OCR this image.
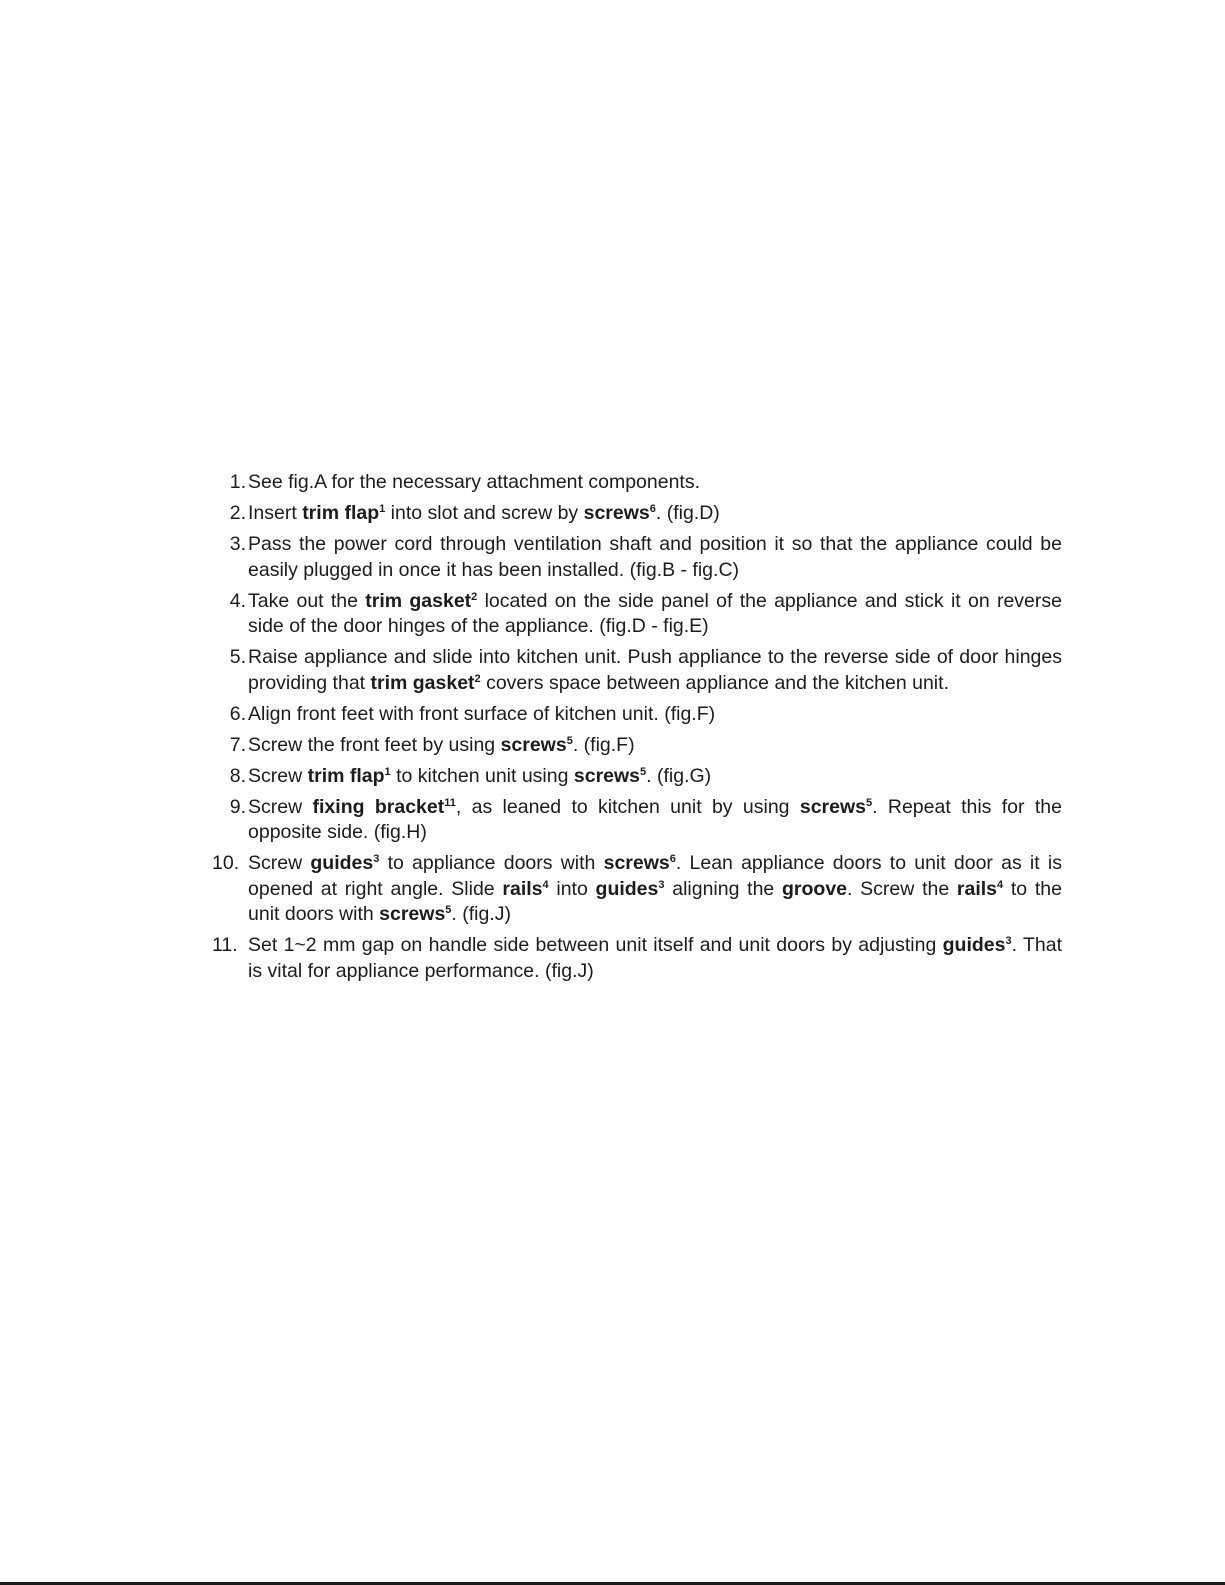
1. See fig.A for the necessary attachment components.
2. Insert trim flap$^1$ into slot and screw by screws$^6$. (fig.D)
3. Pass the power cord through ventilation shaft and position it so that the appliance could be easily plugged in once it has been installed. (fig.B - fig.C)
4. Take out the trim gasket$^2$ located on the side panel of the appliance and stick it on reverse side of the door hinges of the appliance. (fig.D - fig.E)
5. Raise appliance and slide into kitchen unit. Push appliance to the reverse side of door hinges providing that trim gasket$^2$ covers space between appliance and the kitchen unit.
6. Align front feet with front surface of kitchen unit. (fig.F)
7. Screw the front feet by using screws$^5$. (fig.F)
8. Screw trim flap$^1$ to kitchen unit using screws$^5$. (fig.G)
9. Screw fixing bracket$^{11}$, as leaned to kitchen unit by using screws$^5$. Repeat this for the opposite side. (fig.H)
10. Screw guides$^3$ to appliance doors with screws$^6$. Lean appliance doors to unit door as it is opened at right angle. Slide rails$^4$ into guides$^3$ aligning the groove. Screw the rails$^4$ to the unit doors with screws$^5$. (fig.J)
11. Set 1~2 mm gap on handle side between unit itself and unit doors by adjusting guides$^3$. That is vital for appliance performance. (fig.J)
